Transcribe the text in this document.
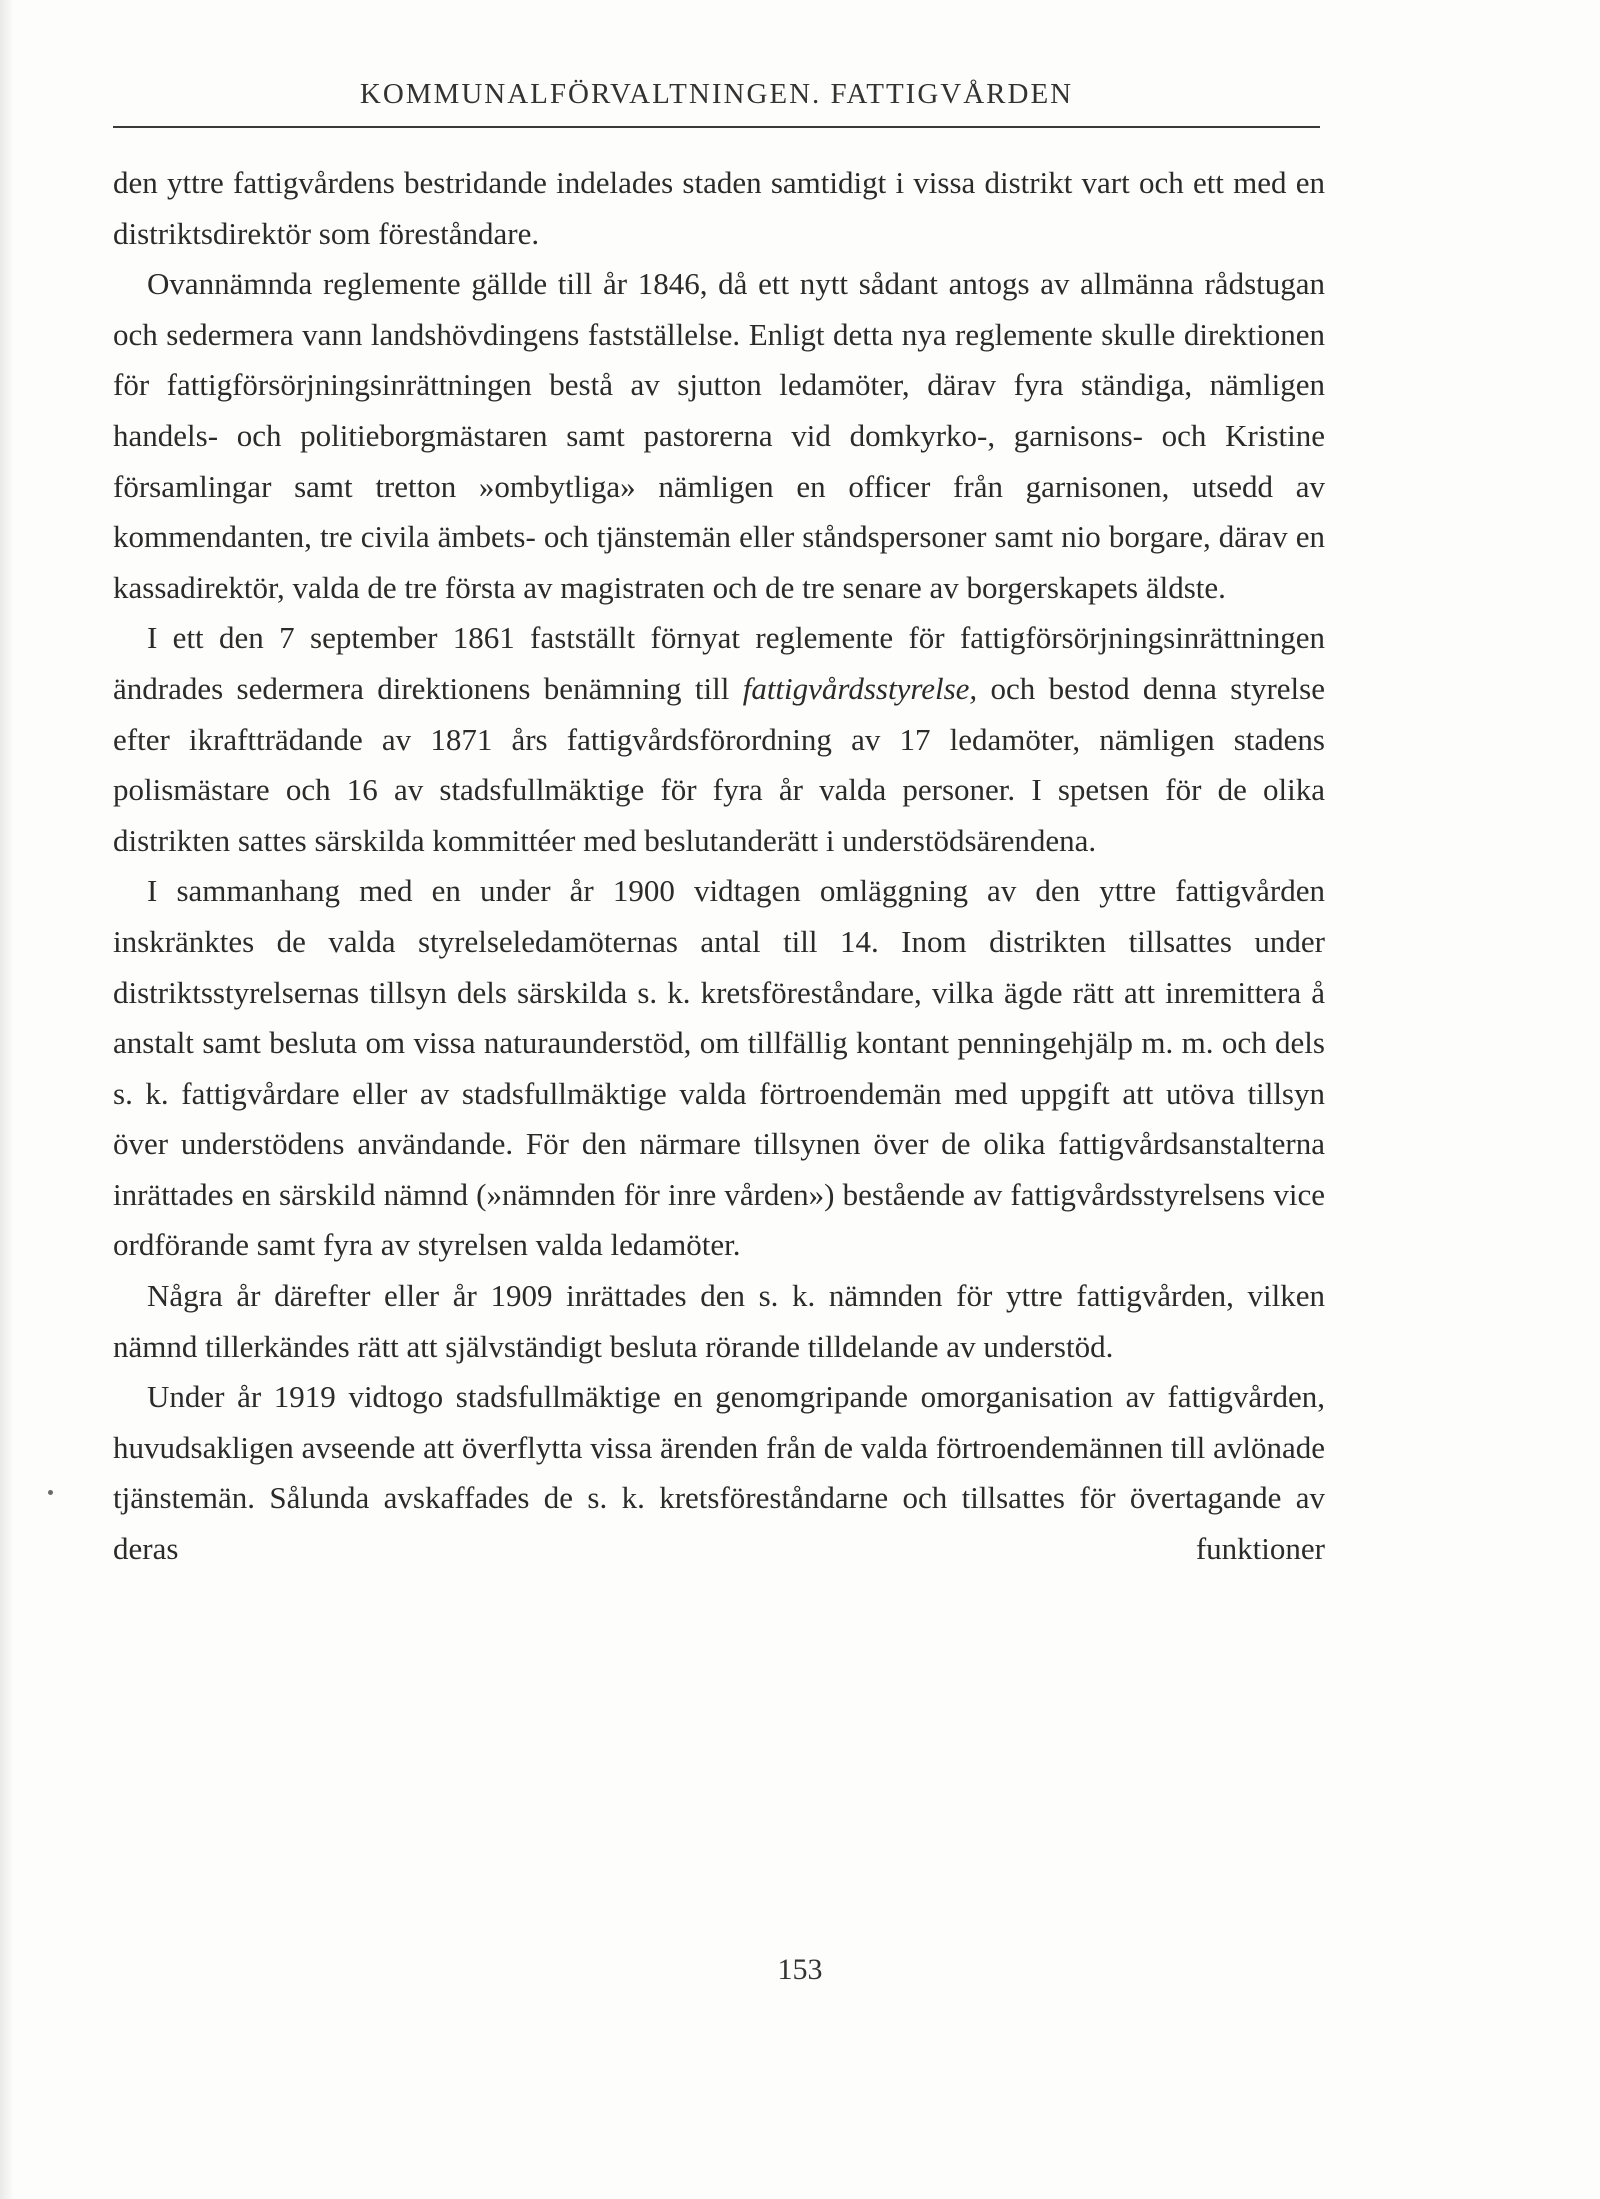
KOMMUNALFÖRVALTNINGEN. FATTIGVÅRDEN

den yttre fattigvårdens bestridande indelades staden samtidigt i vissa distrikt vart och ett med en distriktsdirektör som föreståndare.

Ovannämnda reglemente gällde till år 1846, då ett nytt sådant antogs av allmänna rådstugan och sedermera vann landshövdingens fastställelse. Enligt detta nya reglemente skulle direktionen för fattigförsörjningsinrättningen bestå av sjutton ledamöter, därav fyra ständiga, nämligen handels- och politieborgmästaren samt pastorerna vid domkyrko-, garnisons- och Kristine församlingar samt tretton »ombytliga» nämligen en officer från garnisonen, utsedd av kommendanten, tre civila ämbets- och tjänstemän eller ståndspersoner samt nio borgare, därav en kassadirektör, valda de tre första av magistraten och de tre senare av borgerskapets äldste.

I ett den 7 september 1861 fastställt förnyat reglemente för fattigförsörjningsinrättningen ändrades sedermera direktionens benämning till fattigvårdsstyrelse, och bestod denna styrelse efter ikraftträdande av 1871 års fattigvårdsförordning av 17 ledamöter, nämligen stadens polismästare och 16 av stadsfullmäktige för fyra år valda personer. I spetsen för de olika distrikten sattes särskilda kommittéer med beslutanderätt i understödsärendena.

I sammanhang med en under år 1900 vidtagen omläggning av den yttre fattigvården inskränktes de valda styrelseledamöternas antal till 14. Inom distrikten tillsattes under distriktsstyrelsernas tillsyn dels särskilda s. k. kretsföreståndare, vilka ägde rätt att inremittera å anstalt samt besluta om vissa naturaunderstöd, om tillfällig kontant penningehjälp m. m. och dels s. k. fattigvårdare eller av stadsfullmäktige valda förtroendemän med uppgift att utöva tillsyn över understödens användande. För den närmare tillsynen över de olika fattigvårdsanstalterna inrättades en särskild nämnd (»nämnden för inre vården») bestående av fattigvårdsstyrelsens vice ordförande samt fyra av styrelsen valda ledamöter.

Några år därefter eller år 1909 inrättades den s. k. nämnden för yttre fattigvården, vilken nämnd tillerkändes rätt att självständigt besluta rörande tilldelande av understöd.

Under år 1919 vidtogo stadsfullmäktige en genomgripande omorganisation av fattigvården, huvudsakligen avseende att överflytta vissa ärenden från de valda förtroendemännen till avlönade tjänstemän. Sålunda avskaffades de s. k. kretsföreståndarne och tillsattes för övertagande av deras funktioner

153
